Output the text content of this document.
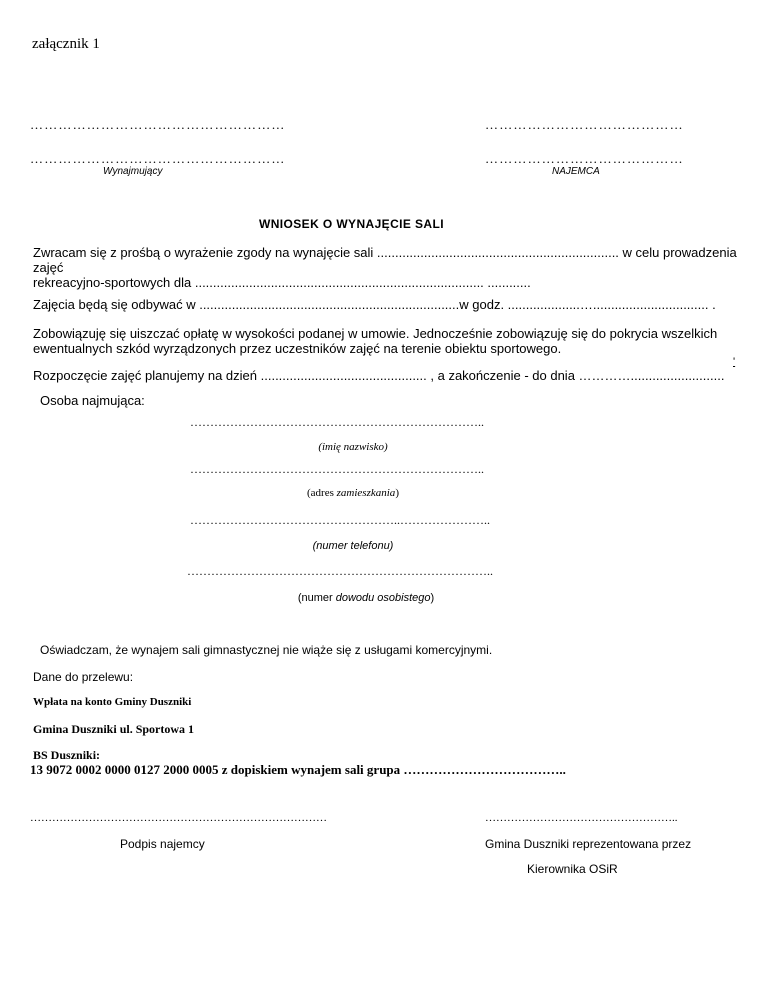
załącznik 1
………………………………………………
………………………………………………
……………………………………
……………………………………
Wynajmujący	NAJEMCA
WNIOSEK O WYNAJĘCIE SALI
Zwracam się z prośbą o wyrażenie zgody na wynajęcie sali ................................................................... w celu prowadzenia
zajęć
rekreacyjno-sportowych dla ................................................................................ ............
Zajęcia będą się odbywać w ........................................................................w godz. ....................…................................ .
Zobowiązuję się uiszczać opłatę w wysokości podanej w umowie. Jednocześnie zobowiązuję się do pokrycia wszelkich
ewentualnych szkód wyrządzonych przez uczestników zajęć na terenie obiektu sportowego.
'
Rozpoczęcie zajęć planujemy na dzień .............................................. , a zakończenie - do dnia …………..........................
Osoba najmująca:
………………………………………………………………..
(imię nazwisko)
………………………………………………………………..
(adres zamieszkania)
……………………………………………..…………………..
(numer telefonu)
…………………………………………………………………..
(numer dowodu osobistego)
Oświadczam, że wynajem sali gimnastycznej nie wiąże się z usługami komercyjnymi.
Dane do przelewu:
Wpłata na konto Gminy Duszniki
Gmina Duszniki ul. Sportowa 1
BS Duszniki:
13 9072 0002 0000 0127 2000 0005 z dopiskiem wynajem sali grupa ………………………………..
………………………………………………………………………	……………………………………………..
Podpis najemcy	Gmina Duszniki reprezentowana przez
Kierownika OSiR
